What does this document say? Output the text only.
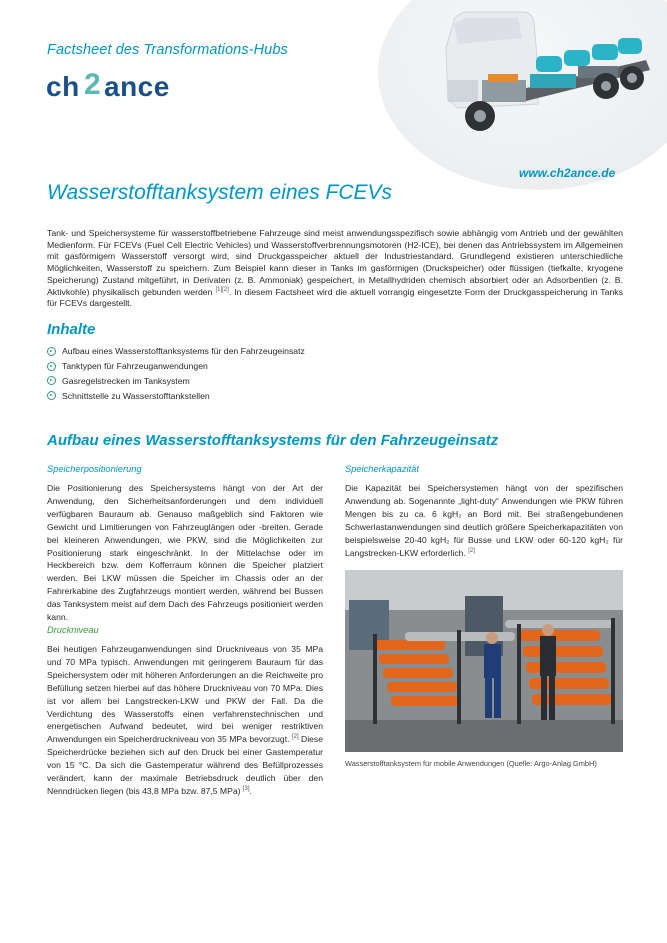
Factsheet des Transformations-Hubs
ch 2 ance
www.ch2ance.de
Wasserstofftanksystem eines FCEVs
Tank- und Speichersysteme für wasserstoffbetriebene Fahrzeuge sind meist anwendungsspezifisch sowie abhängig vom Antrieb und der gewählten Medienform. Für FCEVs (Fuel Cell Electric Vehicles) und Wasserstoffverbrennungsmotoren (H2-ICE), bei denen das Antriebssystem im Allgemeinen mit gasförmigem Wasserstoff versorgt wird, sind Druckgasspeicher aktuell der Industriestandard. Grundlegend existieren unterschiedliche Möglichkeiten, Wasserstoff zu speichern. Zum Beispiel kann dieser in Tanks im gasförmigen (Druckspeicher) oder flüssigen (tiefkalte, kryogene Speicherung) Zustand mitgeführt, in Derivaten (z. B. Ammoniak) gespeichert, in Metallhydriden chemisch absorbiert oder an Adsorbentien (z. B. Aktivkohle) physikalisch gebunden werden [1][2]. In diesem Factsheet wird die aktuell vorrangig eingesetzte Form der Druckgasspeicherung in Tanks für FCEVs dargestellt.
Inhalte
Aufbau eines Wasserstofftanksystems für den Fahrzeugeinsatz
Tanktypen für Fahrzeuganwendungen
Gasregelstrecken im Tanksystem
Schnittstelle zu Wasserstofftankstellen
Aufbau eines Wasserstofftanksystems für den Fahrzeugeinsatz
Speicherpositionierung
Die Positionierung des Speichersystems hängt von der Art der Anwendung, den Sicherheitsanforderungen und dem individuell verfügbaren Bauraum ab. Genauso maßgeblich sind Faktoren wie Gewicht und Limitierungen von Fahrzeuglängen oder -breiten. Gerade bei kleineren Anwendungen, wie PKW, sind die Möglichkeiten zur Positionierung stark eingeschränkt. In der Mittelachse oder im Heckbereich bzw. dem Kofferraum können die Speicher platziert werden. Bei LKW müssen die Speicher im Chassis oder an der Fahrerkabine des Zugfahrzeugs montiert werden, während bei Bussen das Tanksystem meist auf dem Dach des Fahrzeugs positioniert werden kann.
Druckniveau
Bei heutigen Fahrzeuganwendungen sind Druckniveaus von 35 MPa und 70 MPa typisch. Anwendungen mit geringerem Bauraum für das Speichersystem oder mit höheren Anforderungen an die Reichweite pro Befüllung setzen hierbei auf das höhere Druckniveau von 70 MPa. Dies ist vor allem bei Langstrecken-LKW und PKW der Fall. Da die Verdichtung des Wasserstoffs einen verfahrenstechnischen und energetischen Aufwand bedeutet, wird bei weniger restriktiven Anwendungen ein Speicherdruckniveau von 35 MPa bevorzugt. [2] Diese Speicherdrücke beziehen sich auf den Druck bei einer Gastemperatur von 15 °C. Da sich die Gastemperatur während des Befüllprozesses verändert, kann der maximale Betriebsdruck deutlich über den Nenndrücken liegen (bis 43,8 MPa bzw. 87,5 MPa) [3].
Speicherkapazität
Die Kapazität bei Speichersystemen hängt von der spezifischen Anwendung ab. Sogenannte „light-duty“ Anwendungen wie PKW führen Mengen bis zu ca. 6 kgH₂ an Bord mit. Bei straßengebundenen Schwerlastanwendungen sind deutlich größere Speicherkapazitäten von beispielsweise 20-40 kgH₂ für Busse und LKW oder 60-120 kgH₂ für Langstrecken-LKW erforderlich. [2]
Wasserstofftanksystem für mobile Anwendungen (Quelle: Argo-Anlag GmbH)
